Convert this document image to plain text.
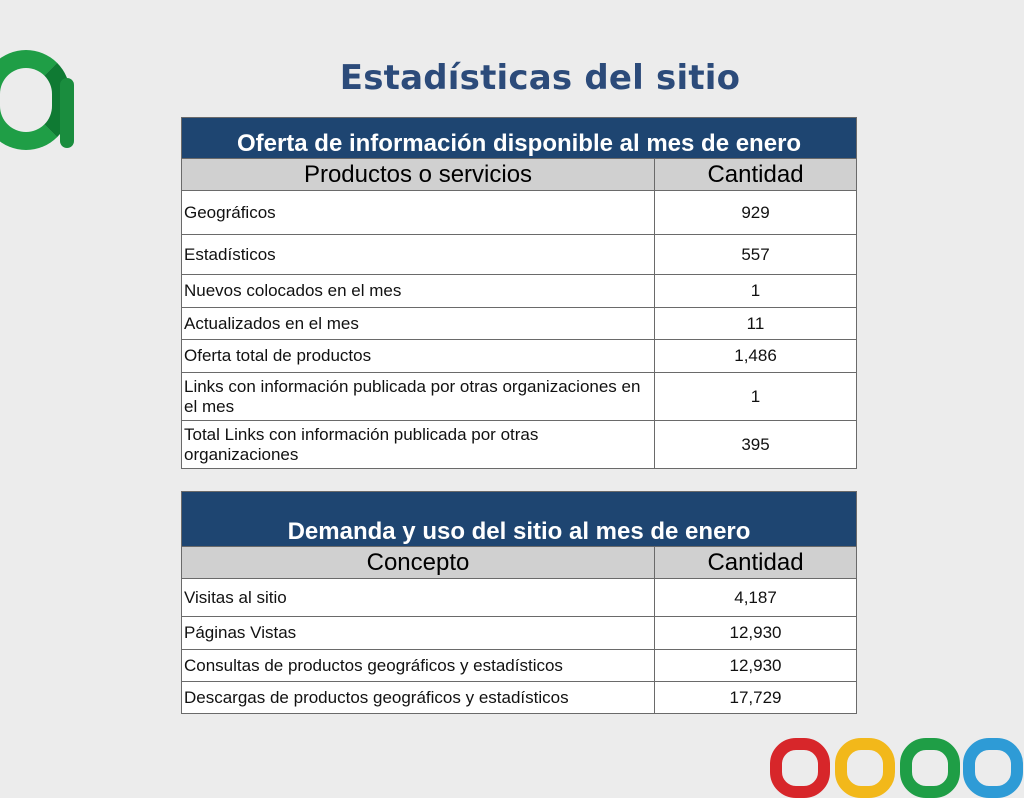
Estadísticas del sitio
Oferta de información disponible al mes de enero	
Productos o servicios	Cantidad
Geográficos	929
Estadísticos	557
Nuevos colocados en el mes	1
Actualizados en el mes	11
Oferta total de productos	1,486
Links con información publicada por otras organizaciones en el mes	1
Total Links con información publicada por otras organizaciones	395
Demanda y uso del sitio al mes de enero	
Concepto	Cantidad
Visitas al sitio	4,187
Páginas Vistas	12,930
Consultas de productos geográficos y estadísticos	12,930
Descargas de productos geográficos y estadísticos	17,729
